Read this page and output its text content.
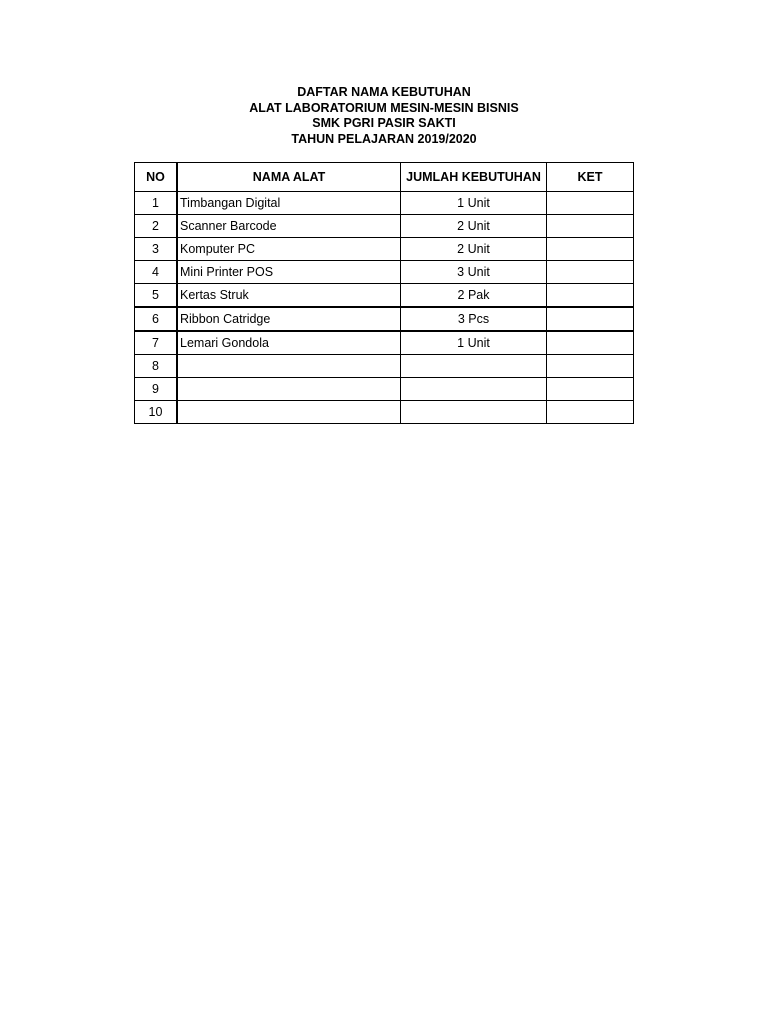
DAFTAR NAMA KEBUTUHAN
ALAT LABORATORIUM MESIN-MESIN BISNIS
SMK PGRI PASIR SAKTI
TAHUN PELAJARAN 2019/2020
NO	NAMA ALAT	JUMLAH KEBUTUHAN	KET
1	Timbangan Digital	1 Unit	
2	Scanner Barcode	2 Unit	
3	Komputer PC	2 Unit	
4	Mini Printer POS	3 Unit	
5	Kertas Struk	2 Pak	
6	Ribbon Catridge	3 Pcs	
7	Lemari Gondola	1 Unit	
8			
9			
10			
